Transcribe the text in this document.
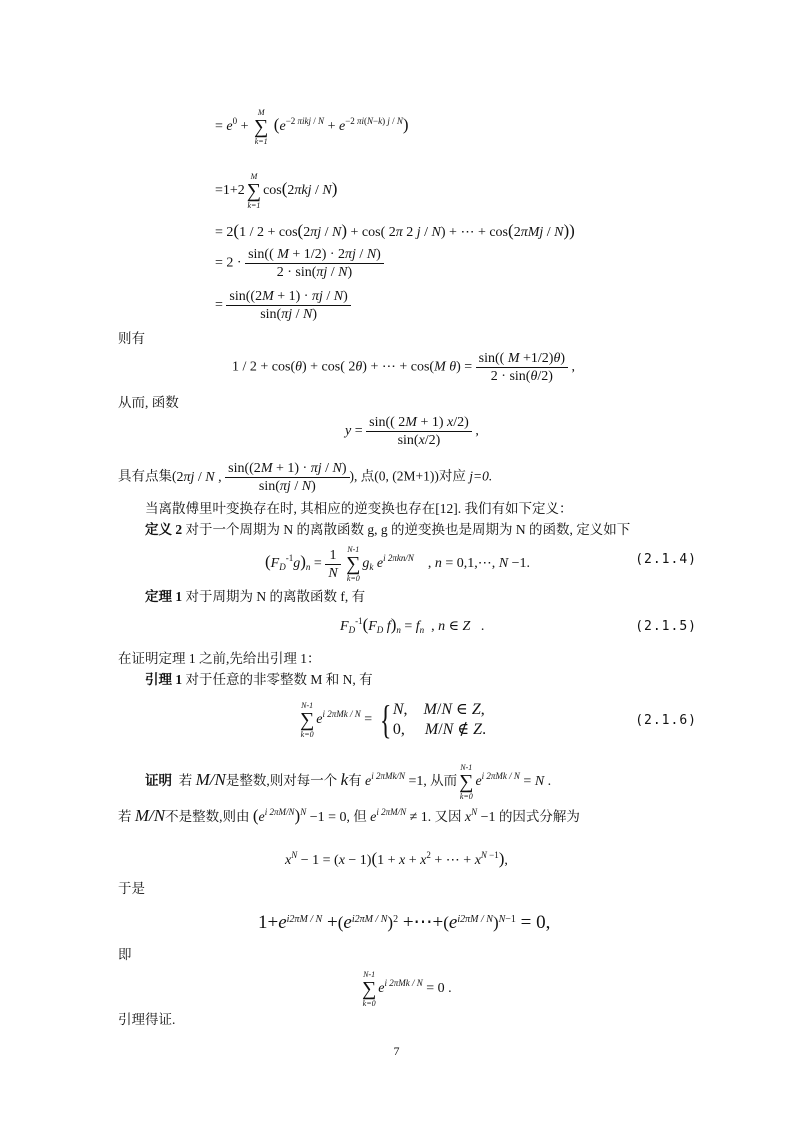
= $e^0$ +
M
∑
k=1
$(e^{-2 \pi ikj / N} + e^{-2 \pi i(N-k) j / N})$
=1+2
M
∑
k=1
cos(2πkj / N)
= 2(1 / 2 + cos(2πj / N) + cos( 2π 2 j / N) + ⋯ + cos(2πMj / N))
= $2 \cdot \frac{\sin(( M + 1/2) \cdot 2\pi j / N)}{2 \cdot \sin(\pi j / N)}$
= $\frac{\sin((2M + 1) \cdot \pi j / N)}{\sin(\pi j / N)}$
则有
1 / 2 + cos(θ) + cos( 2θ) + ⋯ + cos(M $\theta) = \frac{\sin(( M +1/2)\theta)}{2 \cdot \sin(\theta/2)}$ ,
从而, 函数
$y = \frac{\sin(( 2M + 1) x/2)}{\sin(x/2)}$ ,
具有点集(2πj / N , $\frac{\sin((2M + 1) \cdot \pi j / N)}{\sin(\pi j / N)}$ ), 点(0, (2M+1))对应 j=0.
当离散傅里叶变换存在时, 其相应的逆变换也存在[12]. 我们有如下定义：
定义 2 对于一个周期为 N 的离散函数 g, g 的逆变换也是周期为 N 的函数, 定义如下
$(F_D^{-1}g)_n = \frac{1}{N}$
N-1
∑
k=0
$g_k$ $e^{i 2\pi kn/N}$    , n = 0,1,⋯, N −1.	(2.1.4)
定理 1 对于周期为 N 的离散函数 f, 有
$F_D^{-1}(F_D$ $f)_n = f_n$  , n ∈ Z   .	(2.1.5)
在证明定理 1 之前,先给出引理 1：
引理 1 对于任意的非零整数 M 和 N, 有
N-1
∑
k=0
$e^{i 2\pi Mk / N}$ = { N,    M/N ∈ Z,
0,     M/N ∉ Z.
(2.1.6)
证明 若 M/N是整数,则对每一个 k有 $e^{i 2\pi Mk/N} =1$, 从而
N-1
∑
k=0
$e^{i 2\pi Mk / N} = N$ .
若 M/N不是整数,则由 $(e^{i 2\pi M/N})^N -1 = 0$, 但 $e^{i 2\pi M/N} \ne 1$. 又因 $x^N -1$ 的因式分解为
$x^N - 1 = (x - 1)(1 + x + x^2$ + ⋯ + $x^{N -1}$),
于是
$1+e^{i2\pi M / N} +(e^{i2\pi M / N})^2$ $+\cdots+(e^{i2\pi M / N})^{N-1} = 0$,
即
N-1
∑
k=0
$e^{i 2\pi Mk / N} = 0$ .
引理得证.
7
